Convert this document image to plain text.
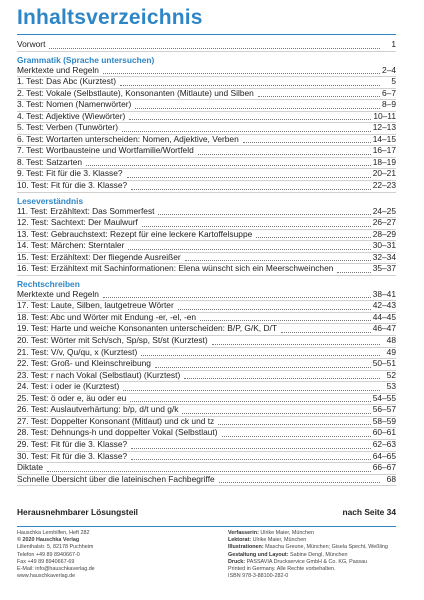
Inhaltsverzeichnis
Vorwort	1
Grammatik (Sprache untersuchen)
Merktexte und Regeln	2–4
1. Test: Das Abc (Kurztest)	5
2. Test: Vokale (Selbstlaute), Konsonanten (Mitlaute) und Silben	6–7
3. Test: Nomen (Namenwörter)	8–9
4. Test: Adjektive (Wiewörter)	10–11
5. Test: Verben (Tunwörter)	12–13
6. Test: Wortarten unterscheiden: Nomen, Adjektive, Verben	14–15
7. Test: Wortbausteine und Wortfamilie/Wortfeld	16–17
8. Test: Satzarten	18–19
9. Test: Fit für die 3. Klasse?	20–21
10. Test: Fit für die 3. Klasse?	22–23
Leseverständnis
11. Test: Erzähltext: Das Sommerfest	24–25
12. Test: Sachtext: Der Maulwurf	26–27
13. Test: Gebrauchstext: Rezept für eine leckere Kartoffelsuppe	28–29
14. Test: Märchen: Sterntaler	30–31
15. Test: Erzähltext: Der fliegende Ausreißer	32–34
16. Test: Erzähltext mit Sachinformationen: Elena wünscht sich ein Meerschweinchen	35–37
Rechtschreiben
Merktexte und Regeln	38–41
17. Test: Laute, Silben, lautgetreue Wörter	42–43
18. Test: Abc und Wörter mit Endung -er, -el, -en	44–45
19. Test: Harte und weiche Konsonanten unterscheiden: B/P, G/K, D/T	46–47
20. Test: Wörter mit Sch/sch, Sp/sp, St/st (Kurztest)	48
21. Test: V/v, Qu/qu, x (Kurztest)	49
22. Test: Groß- und Kleinschreibung	50–51
23. Test: r nach Vokal (Selbstlaut) (Kurztest)	52
24. Test: i oder ie (Kurztest)	53
25. Test: ö oder e, äu oder eu	54–55
26. Test: Auslautverhärtung: b/p, d/t und g/k	56–57
27. Test: Doppelter Konsonant (Mitlaut) und ck und tz	58–59
28. Test: Dehnungs-h und doppelter Vokal (Selbstlaut)	60–61
29. Test: Fit für die 3. Klasse?	62–63
30. Test: Fit für die 3. Klasse?	64–65
Diktate	66–67
Schnelle Übersicht über die lateinischen Fachbegriffe	68
Herausnehmbarer Lösungsteil	nach Seite 34
Hauschka Lernhilfen, Heft 282
© 2020 Hauschka Verlag
Lilienthalstr. 5, 82178 Puchheim
Telefon +49 89 8940667-0
Fax +49 89 8940667-69
E-Mail: info@hauschkaverlag.de
www.hauschkaverlag.de
Verfasserin: Ulrike Maier, München
Lektorat: Ulrike Maier, München
Illustrationen: Mascha Greune, München; Gisela Specht, Weßling
Gestaltung und Layout: Sabine Dengl, München
Druck: PASSAVIA Druckservice GmbH & Co. KG, Passau
Printed in Germany. Alle Rechte vorbehalten.
ISBN 978-3-88100-282-0
